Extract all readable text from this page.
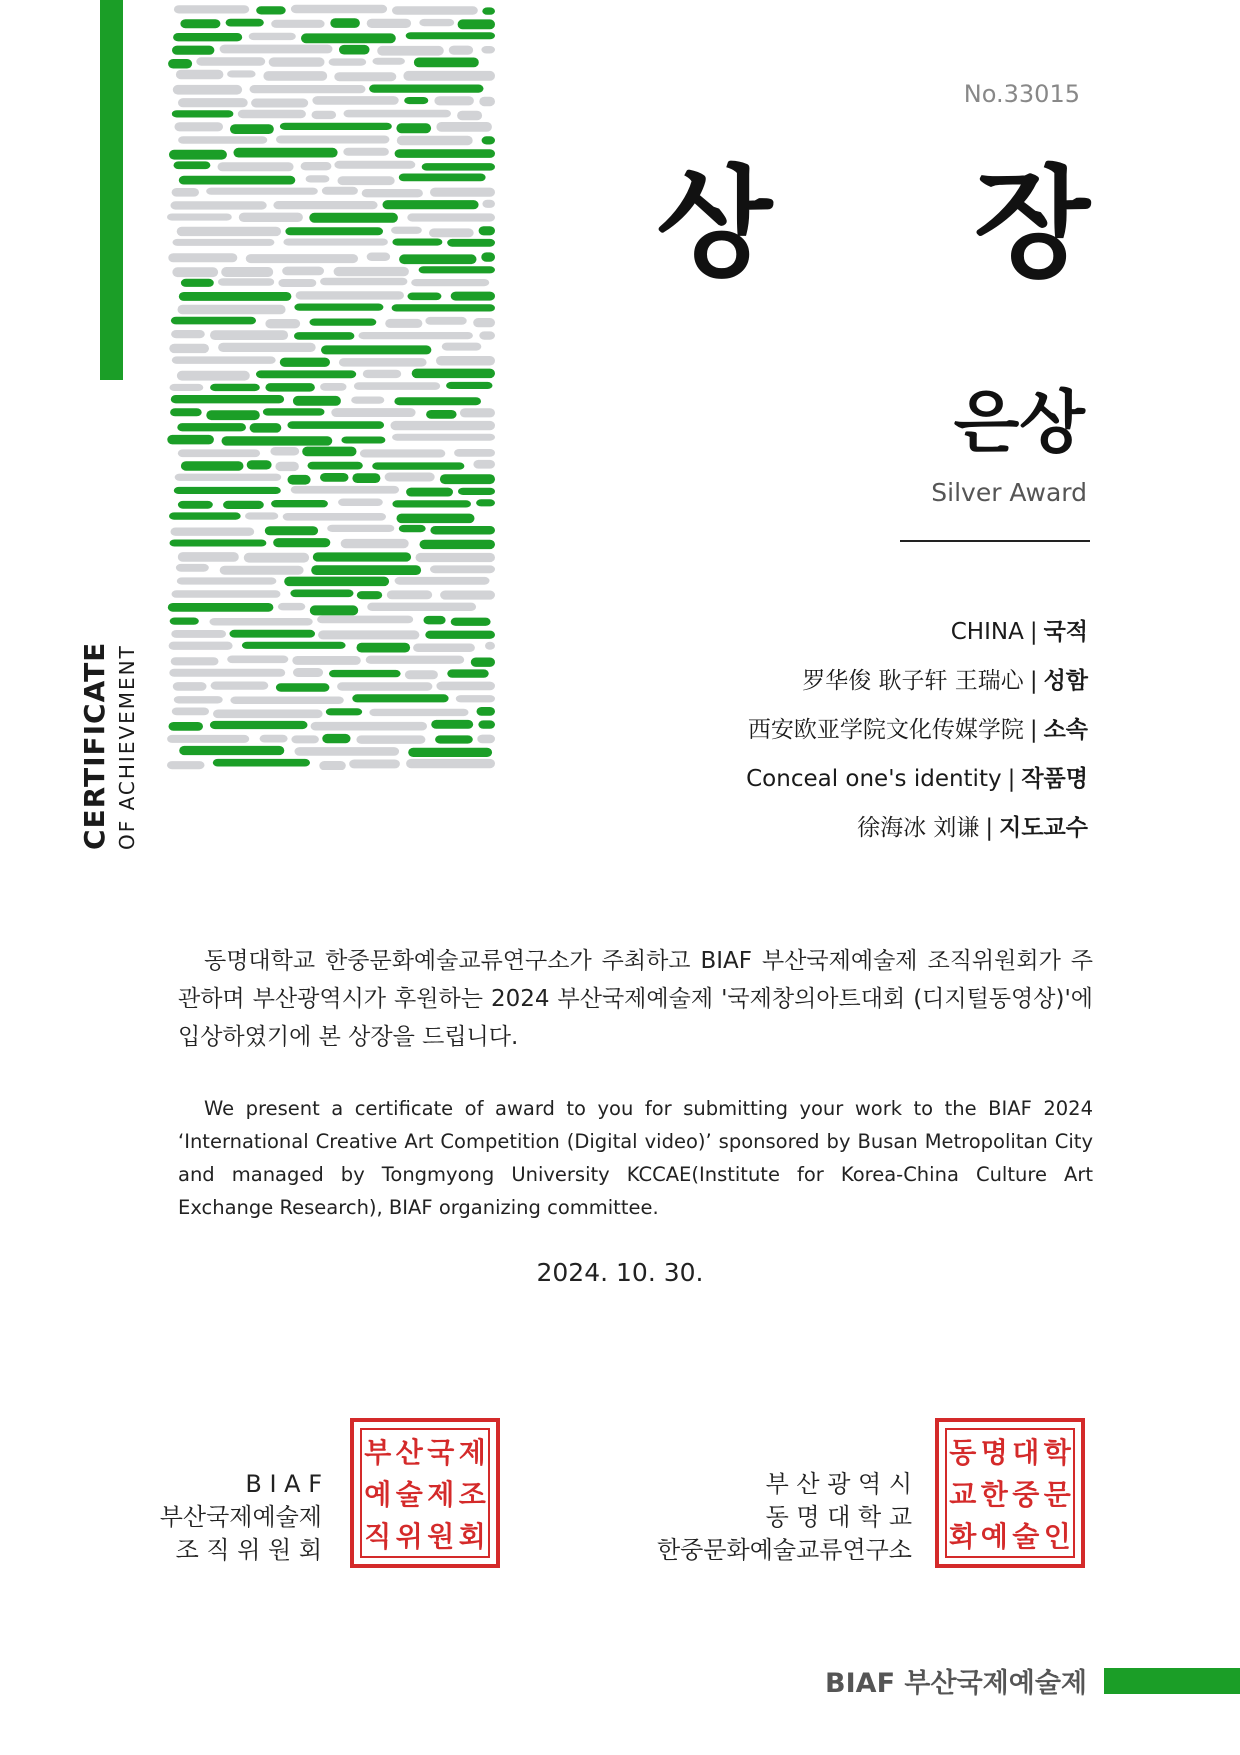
CERTIFICATE OF ACHIEVEMENT
No.33015
상 장
은상
Silver Award
CHINA | 국적
罗华俊 耿子轩 王瑞心 | 성함
西安欧亚学院文化传媒学院 | 소속
Conceal one's identity | 작품명
徐海冰 刘谦 | 지도교수
동명대학교 한중문화예술교류연구소가 주최하고 BIAF 부산국제예술제 조직위원회가 주관하며 부산광역시가 후원하는 2024 부산국제예술제 '국제창의아트대회 (디지털동영상)'에 입상하였기에 본 상장을 드립니다.
We present a certificate of award to you for submitting your work to the BIAF 2024 ‘International Creative Art Competition (Digital video)’ sponsored by Busan Metropolitan City and managed by Tongmyong University KCCAE(Institute for Korea-China Culture Art Exchange Research), BIAF organizing committee.
2024. 10. 30.
B I A F
부산국제예술제
조 직 위 원 회
부 산 국 제
예 술 제 조
직 위 원 회
부 산 광 역 시
동 명 대 학 교
한중문화예술교류연구소
동 명 대 학
교 한 중 문
화 예 술 인
BIAF 부산국제예술제
